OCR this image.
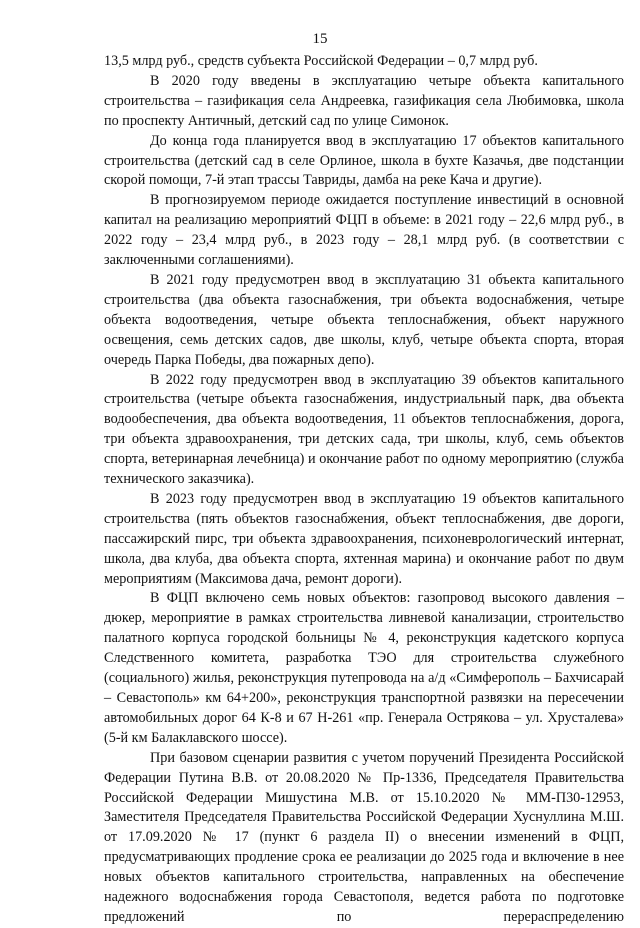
15

13,5 млрд руб., средств субъекта Российской Федерации – 0,7 млрд руб.

В 2020 году введены в эксплуатацию четыре объекта капитального строительства – газификация села Андреевка, газификация села Любимовка, школа по проспекту Античный, детский сад по улице Симонок.

До конца года планируется ввод в эксплуатацию 17 объектов капитального строительства (детский сад в селе Орлиное, школа в бухте Казачья, две подстанции скорой помощи, 7-й этап трассы Тавриды, дамба на реке Кача и другие).

В прогнозируемом периоде ожидается поступление инвестиций в основной капитал на реализацию мероприятий ФЦП в объеме: в 2021 году – 22,6 млрд руб., в 2022 году – 23,4 млрд руб., в 2023 году – 28,1 млрд руб. (в соответствии с заключенными соглашениями).

В 2021 году предусмотрен ввод в эксплуатацию 31 объекта капитального строительства (два объекта газоснабжения, три объекта водоснабжения, четыре объекта водоотведения, четыре объекта теплоснабжения, объект наружного освещения, семь детских садов, две школы, клуб, четыре объекта спорта, вторая очередь Парка Победы, два пожарных депо).

В 2022 году предусмотрен ввод в эксплуатацию 39 объектов капитального строительства (четыре объекта газоснабжения, индустриальный парк, два объекта водообеспечения, два объекта водоотведения, 11 объектов теплоснабжения, дорога, три объекта здравоохранения, три детских сада, три школы, клуб, семь объектов спорта, ветеринарная лечебница) и окончание работ по одному мероприятию (служба технического заказчика).

В 2023 году предусмотрен ввод в эксплуатацию 19 объектов капитального строительства (пять объектов газоснабжения, объект теплоснабжения, две дороги, пассажирский пирс, три объекта здравоохранения, психоневрологический интернат, школа, два клуба, два объекта спорта, яхтенная марина) и окончание работ по двум мероприятиям (Максимова дача, ремонт дороги).

В ФЦП включено семь новых объектов: газопровод высокого давления – дюкер, мероприятие в рамках строительства ливневой канализации, строительство палатного корпуса городской больницы № 4, реконструкция кадетского корпуса Следственного комитета, разработка ТЭО для строительства служебного (социального) жилья, реконструкция путепровода на а/д «Симферополь – Бахчисарай – Севастополь» км 64+200», реконструкция транспортной развязки на пересечении автомобильных дорог 64 К-8 и 67 Н-261 «пр. Генерала Острякова – ул. Хрусталева» (5-й км Балаклавского шоссе).

При базовом сценарии развития с учетом поручений Президента Российской Федерации Путина В.В. от 20.08.2020 № Пр-1336, Председателя Правительства Российской Федерации Мишустина М.В. от 15.10.2020 № ММ-П30-12953, Заместителя Председателя Правительства Российской Федерации Хуснуллина М.Ш. от 17.09.2020 № 17 (пункт 6 раздела II) о внесении изменений в ФЦП, предусматривающих продление срока ее реализации до 2025 года и включение в нее новых объектов капитального строительства, направленных на обеспечение надежного водоснабжения города Севастополя, ведется работа по подготовке предложений по перераспределению
